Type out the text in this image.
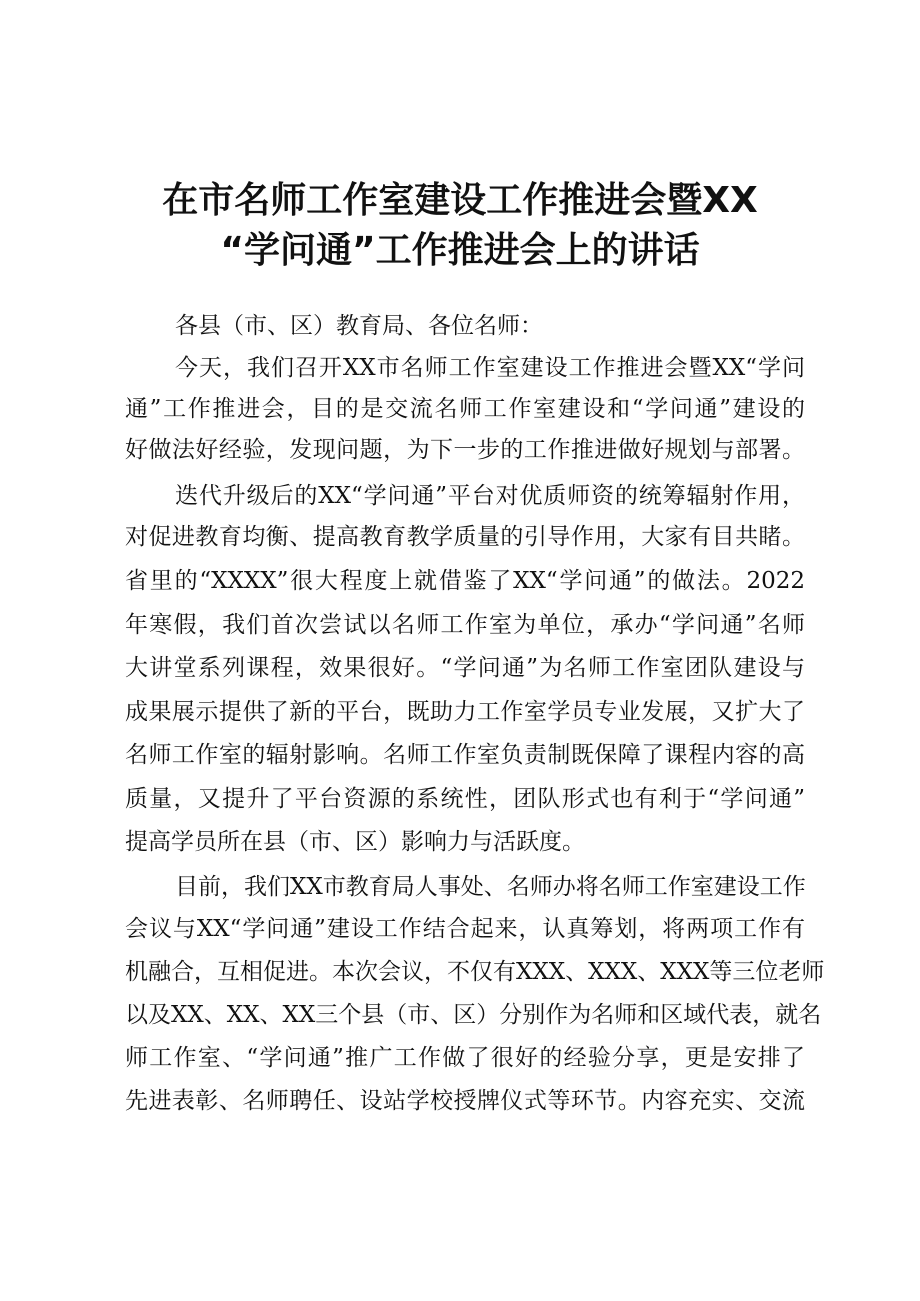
在市名师工作室建设工作推进会暨XX
“学问通”工作推进会上的讲话
各县（市、区）教育局、各位名师：
今天，我们召开XX市名师工作室建设工作推进会暨XX“学问
通”工作推进会，目的是交流名师工作室建设和“学问通”建设的
好做法好经验，发现问题，为下一步的工作推进做好规划与部署。
迭代升级后的XX“学问通”平台对优质师资的统筹辐射作用，
对促进教育均衡、提高教育教学质量的引导作用，大家有目共睹。
省里的“XXXX”很大程度上就借鉴了XX“学问通”的做法。2022
年寒假，我们首次尝试以名师工作室为单位，承办“学问通”名师
大讲堂系列课程，效果很好。“学问通”为名师工作室团队建设与
成果展示提供了新的平台，既助力工作室学员专业发展，又扩大了
名师工作室的辐射影响。名师工作室负责制既保障了课程内容的高
质量，又提升了平台资源的系统性，团队形式也有利于“学问通”
提高学员所在县（市、区）影响力与活跃度。
目前，我们XX市教育局人事处、名师办将名师工作室建设工作
会议与XX“学问通”建设工作结合起来，认真筹划，将两项工作有
机融合，互相促进。本次会议，不仅有XXX、XXX、XXX等三位老师
以及XX、XX、XX三个县（市、区）分别作为名师和区域代表，就名
师工作室、“学问通”推广工作做了很好的经验分享，更是安排了
先进表彰、名师聘任、设站学校授牌仪式等环节。内容充实、交流
